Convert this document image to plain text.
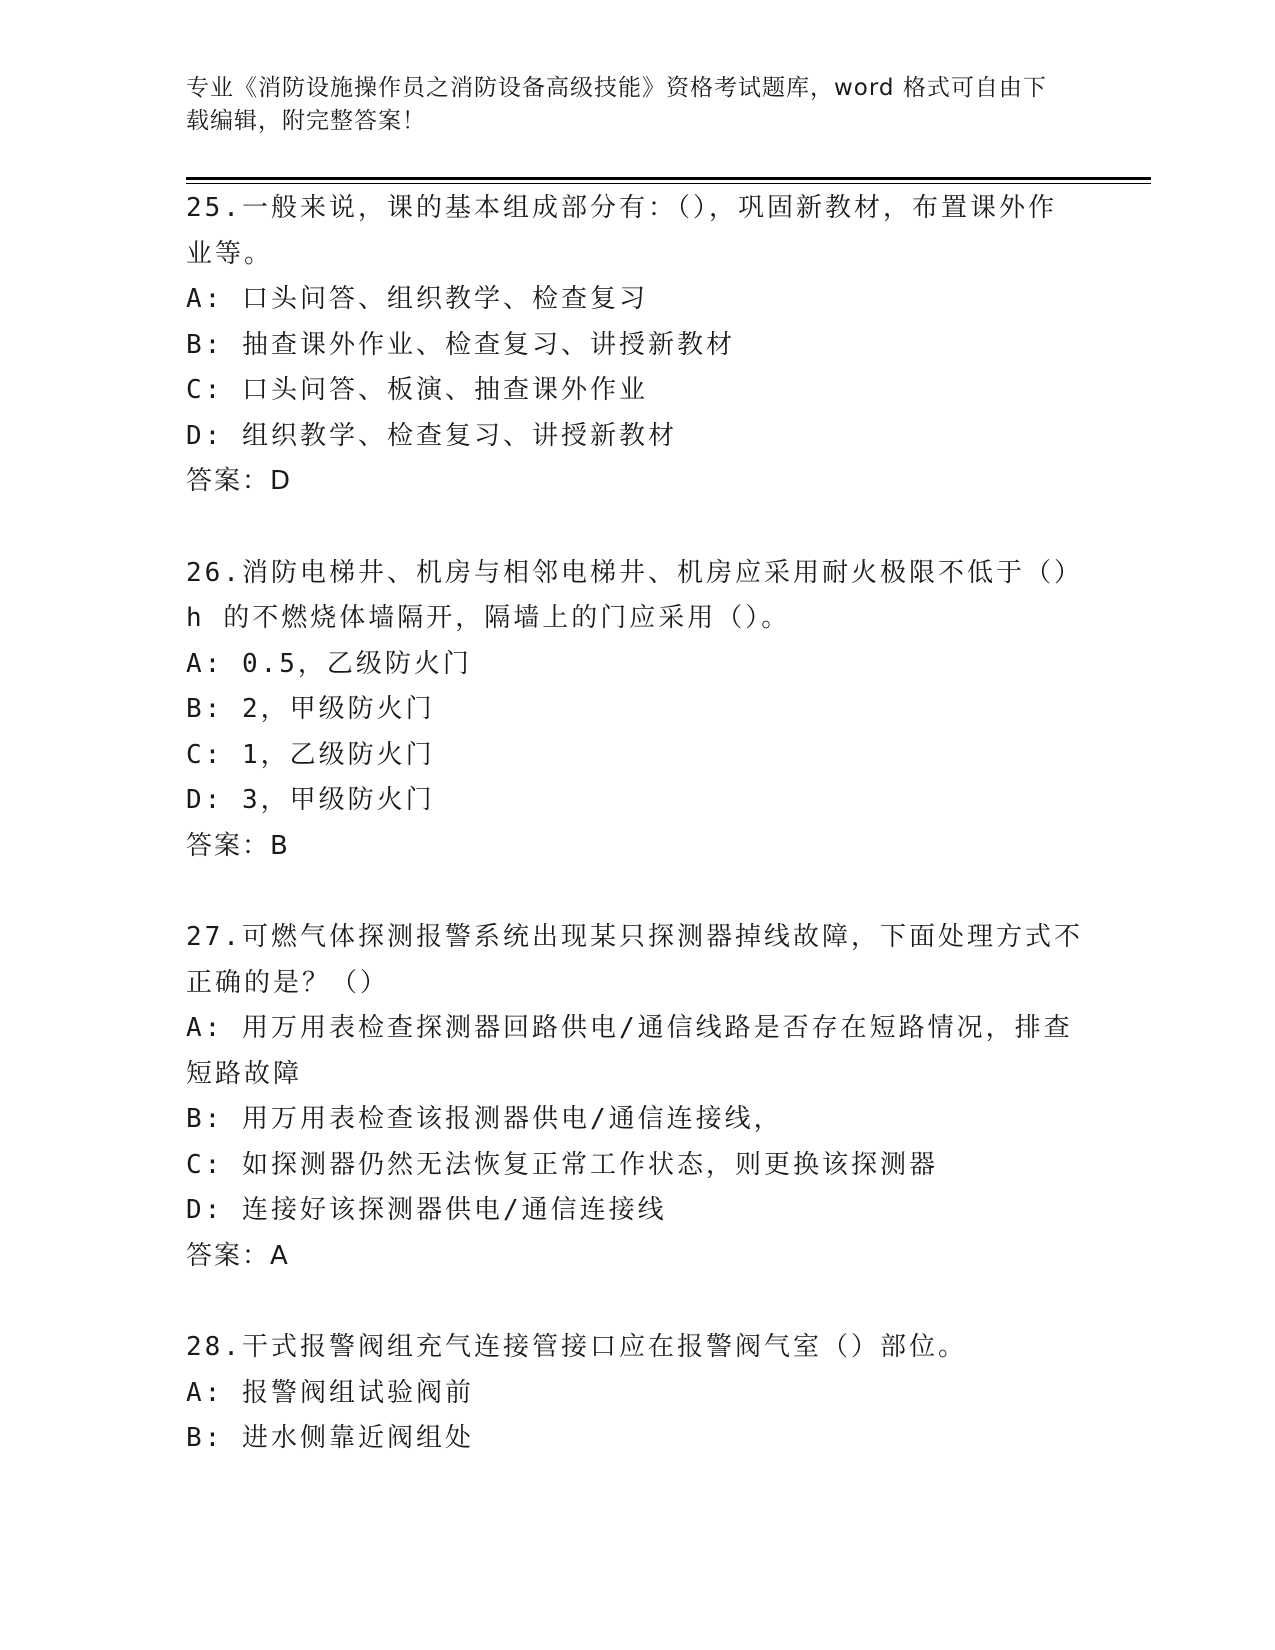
专业《消防设施操作员之消防设备高级技能》资格考试题库，word 格式可自由下
载编辑，附完整答案！
25.一般来说，课的基本组成部分有：（），巩固新教材，布置课外作
业等。
A: 口头问答、组织教学、检查复习
B: 抽查课外作业、检查复习、讲授新教材
C: 口头问答、板演、抽查课外作业
D: 组织教学、检查复习、讲授新教材
答案：D
26.消防电梯井、机房与相邻电梯井、机房应采用耐火极限不低于（）
h 的不燃烧体墙隔开，隔墙上的门应采用（）。
A: 0.5，乙级防火门
B: 2，甲级防火门
C: 1，乙级防火门
D: 3，甲级防火门
答案：B
27.可燃气体探测报警系统出现某只探测器掉线故障，下面处理方式不
正确的是？（）
A: 用万用表检查探测器回路供电/通信线路是否存在短路情况，排查
短路故障
B: 用万用表检查该报测器供电/通信连接线，
C: 如探测器仍然无法恢复正常工作状态，则更换该探测器
D: 连接好该探测器供电/通信连接线
答案：A
28.干式报警阀组充气连接管接口应在报警阀气室（）部位。
A: 报警阀组试验阀前
B: 进水侧靠近阀组处
